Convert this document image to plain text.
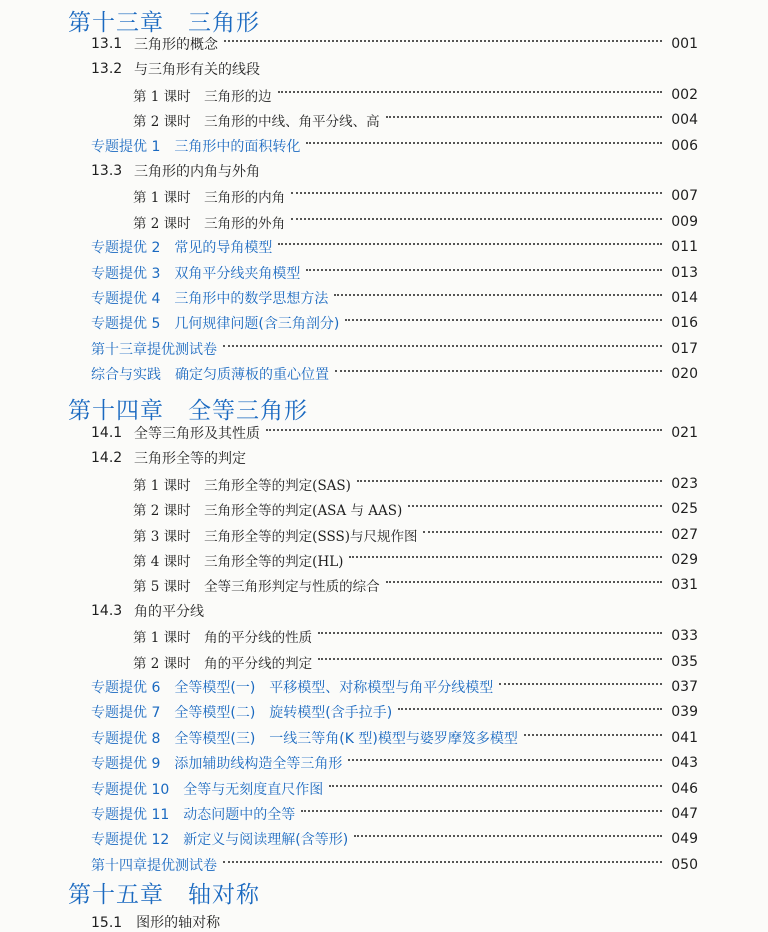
第十三章　三角形
13.1 三角形的概念	001
13.2 与三角形有关的线段
第 1 课时　三角形的边	002
第 2 课时　三角形的中线、角平分线、高	004
专题提优 1　三角形中的面积转化	006
13.3 三角形的内角与外角
第 1 课时　三角形的内角	007
第 2 课时　三角形的外角	009
专题提优 2　常见的导角模型	011
专题提优 3　双角平分线夹角模型	013
专题提优 4　三角形中的数学思想方法	014
专题提优 5　几何规律问题(含三角剖分)	016
第十三章提优测试卷	017
综合与实践　确定匀质薄板的重心位置	020
第十四章　全等三角形
14.1 全等三角形及其性质	021
14.2 三角形全等的判定
第 1 课时　三角形全等的判定(SAS)	023
第 2 课时　三角形全等的判定(ASA 与 AAS)	025
第 3 课时　三角形全等的判定(SSS)与尺规作图	027
第 4 课时　三角形全等的判定(HL)	029
第 5 课时　全等三角形判定与性质的综合	031
14.3 角的平分线
第 1 课时　角的平分线的性质	033
第 2 课时　角的平分线的判定	035
专题提优 6　全等模型(一)　平移模型、对称模型与角平分线模型	037
专题提优 7　全等模型(二)　旋转模型(含手拉手)	039
专题提优 8　全等模型(三)　一线三等角(K 型)模型与婆罗摩笈多模型	041
专题提优 9　添加辅助线构造全等三角形	043
专题提优 10　全等与无刻度直尺作图	046
专题提优 11　动态问题中的全等	047
专题提优 12　新定义与阅读理解(含等形)	049
第十四章提优测试卷	050
第十五章　轴对称
15.1　图形的轴对称
